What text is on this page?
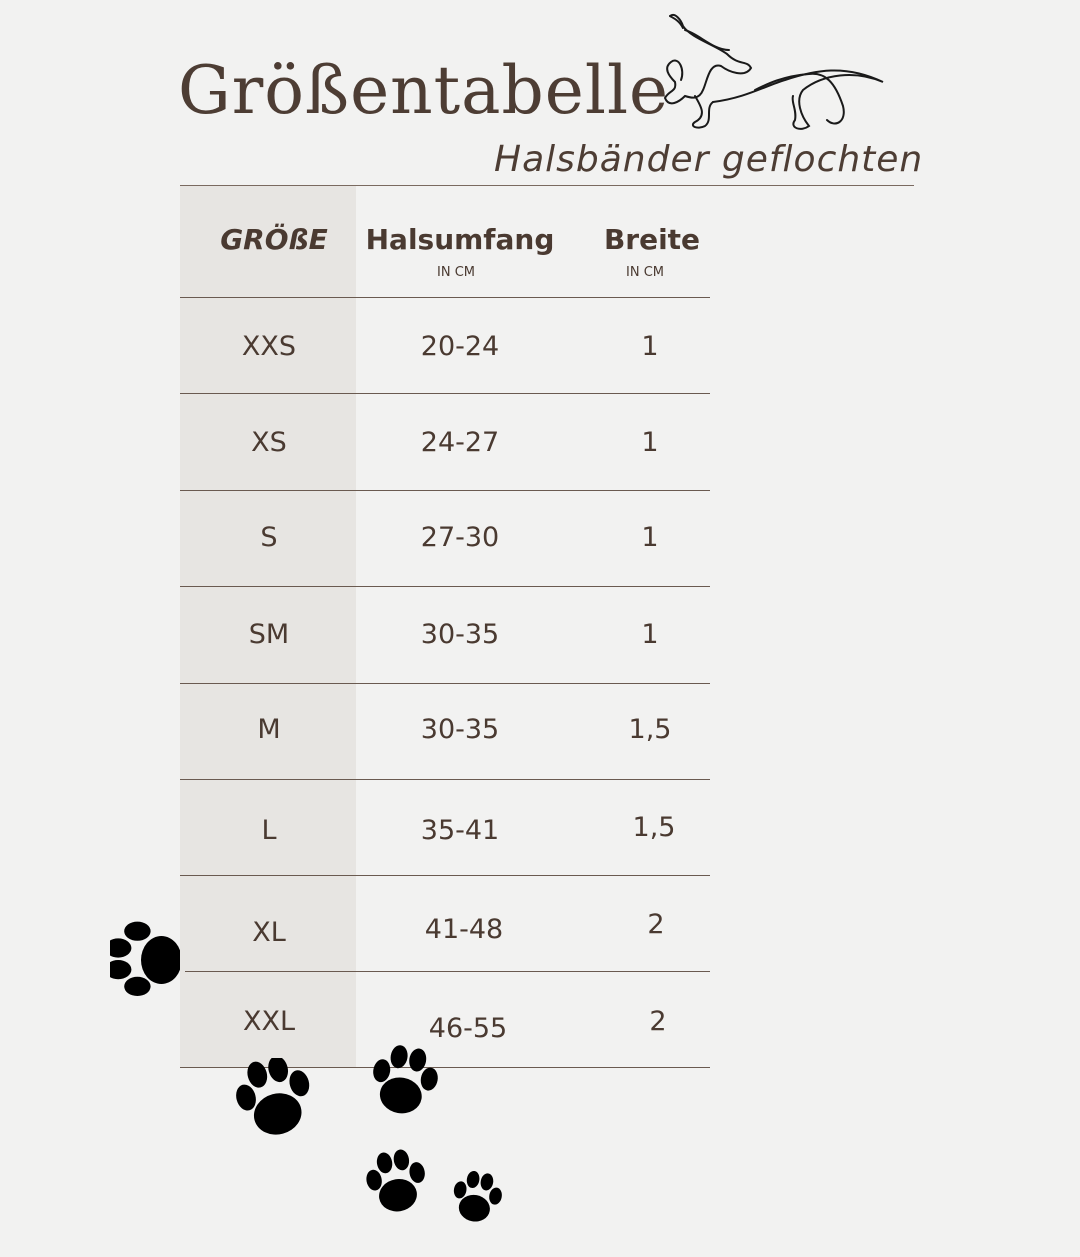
Größentabelle
Halsbänder geflochten
GRÖßE	Halsumfang	Breite
IN CM	IN CM
XXS	20-24	1
XS	24-27	1
S	27-30	1
SM	30-35	1
M	30-35	1,5
L	35-41	1,5
XL	41-48	2
XXL	46-55	2
